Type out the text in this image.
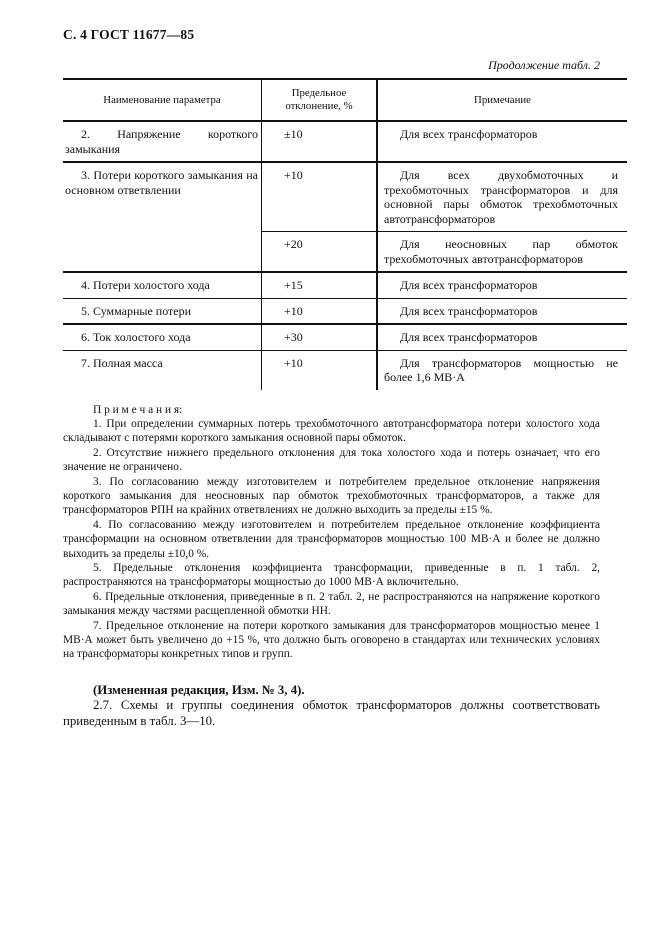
С. 4 ГОСТ 11677—85
Продолжение табл. 2
Наименование параметра	Предельное отклонение, %	Примечание

2. Напряжение короткого замыкания	±10	Для всех трансформаторов

3. Потери короткого замыкания на основном ответвлении	+10	Для всех двухобмоточных и трехобмоточных трансформаторов и для основной пары обмоток трехобмоточных автотрансформаторов

	+20	Для неосновных пар обмоток трехобмоточных автотрансформаторов

4. Потери холостого хода	+15	Для всех трансформаторов

5. Суммарные потери	+10	Для всех трансформаторов

6. Ток холостого хода	+30	Для всех трансформаторов

7. Полная масса	+10	Для трансформаторов мощностью не более 1,6 МВ·А

П р и м е ч а н и я:

1. При определении суммарных потерь трехобмоточного автотрансформатора потери холостого хода складывают с потерями короткого замыкания основной пары обмоток.

2. Отсутствие нижнего предельного отклонения для тока холостого хода и потерь означает, что его значение не ограничено.

3. По согласованию между изготовителем и потребителем предельное отклонение напряжения короткого замыкания для неосновных пар обмоток трехобмоточных трансформаторов, а также для трансформаторов РПН на крайних ответвлениях не должно выходить за пределы ±15 %.

4. По согласованию между изготовителем и потребителем предельное отклонение коэффициента трансформации на основном ответвлении для трансформаторов мощностью 100 МВ·А и более не должно выходить за пределы ±10,0 %.

5. Предельные отклонения коэффициента трансформации, приведенные в п. 1 табл. 2, распространяются на трансформаторы мощностью до 1000 МВ·А включительно.

6. Предельные отклонения, приведенные в п. 2 табл. 2, не распространяются на напряжение короткого замыкания между частями расщепленной обмотки НН.

7. Предельное отклонение на потери короткого замыкания для трансформаторов мощностью менее 1 МВ·А может быть увеличено до +15 %, что должно быть оговорено в стандартах или технических условиях на трансформаторы конкретных типов и групп.

(Измененная редакция, Изм. № 3, 4).

2.7. Схемы и группы соединения обмоток трансформаторов должны соответствовать приведенным в табл. 3—10.
